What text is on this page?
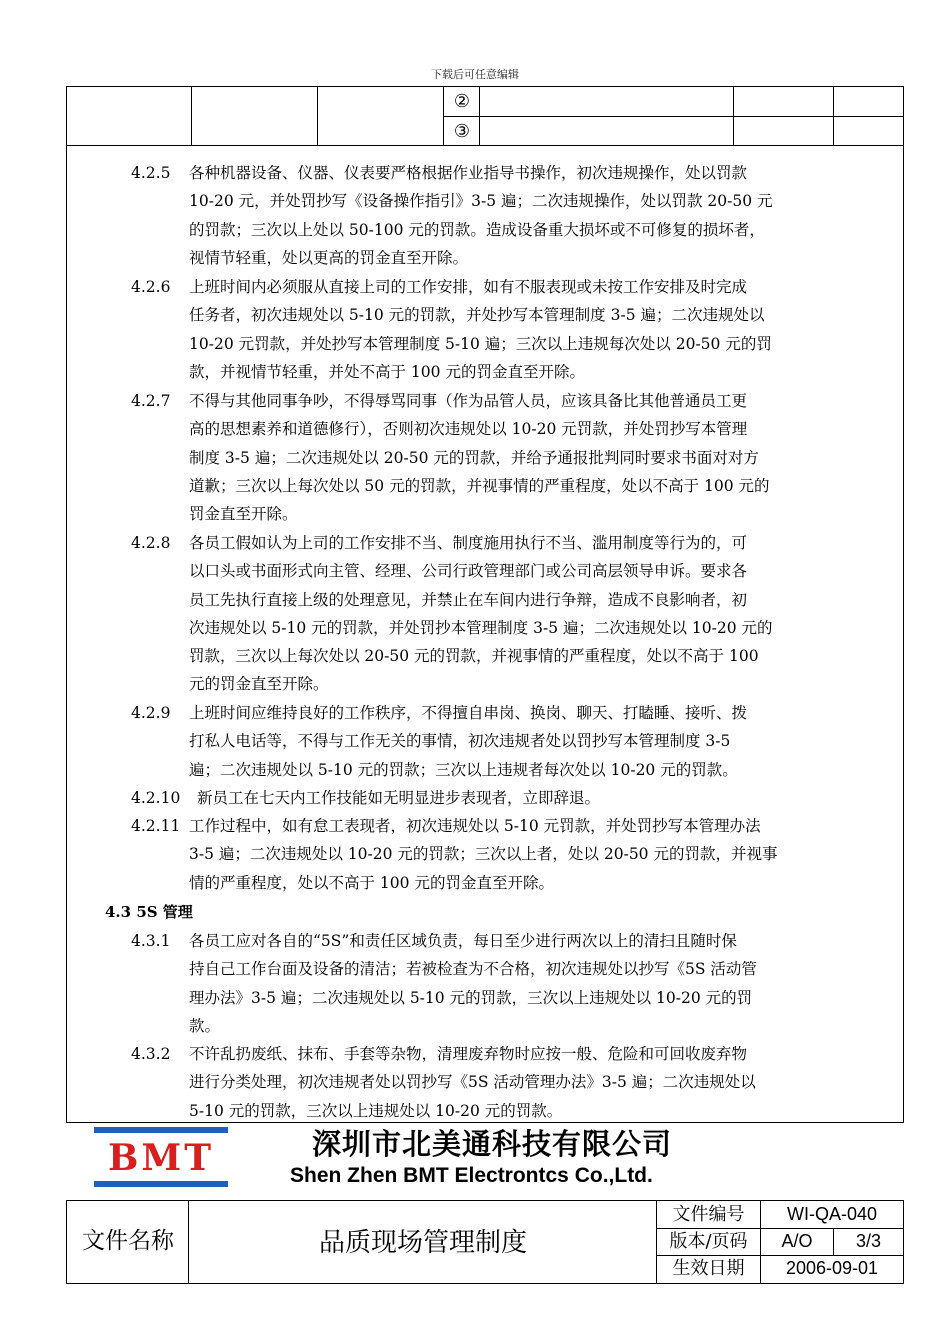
下载后可任意编辑
②
③
4.2.5 各种机器设备、仪器、仪表要严格根据作业指导书操作，初次违规操作，处以罚款
10-20 元，并处罚抄写《设备操作指引》3-5 遍；二次违规操作，处以罚款 20-50 元
的罚款；三次以上处以 50-100 元的罚款。造成设备重大损坏或不可修复的损坏者，
视情节轻重，处以更高的罚金直至开除。
4.2.6 上班时间内必须服从直接上司的工作安排，如有不服表现或未按工作安排及时完成
任务者，初次违规处以 5-10 元的罚款，并处抄写本管理制度 3-5 遍；二次违规处以
10-20 元罚款，并处抄写本管理制度 5-10 遍；三次以上违规每次处以 20-50 元的罚
款，并视情节轻重，并处不高于 100 元的罚金直至开除。
4.2.7 不得与其他同事争吵，不得辱骂同事（作为品管人员，应该具备比其他普通员工更
高的思想素养和道德修行），否则初次违规处以 10-20 元罚款，并处罚抄写本管理
制度 3-5 遍；二次违规处以 20-50 元的罚款，并给予通报批判同时要求书面对对方
道歉；三次以上每次处以 50 元的罚款，并视事情的严重程度，处以不高于 100 元的
罚金直至开除。
4.2.8 各员工假如认为上司的工作安排不当、制度施用执行不当、滥用制度等行为的，可
以口头或书面形式向主管、经理、公司行政管理部门或公司高层领导申诉。要求各
员工先执行直接上级的处理意见，并禁止在车间内进行争辩，造成不良影响者，初
次违规处以 5-10 元的罚款，并处罚抄本管理制度 3-5 遍；二次违规处以 10-20 元的
罚款，三次以上每次处以 20-50 元的罚款，并视事情的严重程度，处以不高于 100
元的罚金直至开除。
4.2.9 上班时间应维持良好的工作秩序，不得擅自串岗、换岗、聊天、打瞌睡、接听、拨
打私人电话等，不得与工作无关的事情，初次违规者处以罚抄写本管理制度 3-5
遍；二次违规处以 5-10 元的罚款；三次以上违规者每次处以 10-20 元的罚款。
4.2.10 新员工在七天内工作技能如无明显进步表现者，立即辞退。
4.2.11 工作过程中，如有怠工表现者，初次违规处以 5-10 元罚款，并处罚抄写本管理办法
3-5 遍；二次违规处以 10-20 元的罚款；三次以上者，处以 20-50 元的罚款，并视事
情的严重程度，处以不高于 100 元的罚金直至开除。
4.3 5S 管理
4.3.1 各员工应对各自的“5S”和责任区域负责，每日至少进行两次以上的清扫且随时保
持自己工作台面及设备的清洁；若被检查为不合格，初次违规处以抄写《5S 活动管
理办法》3-5 遍；二次违规处以 5-10 元的罚款，三次以上违规处以 10-20 元的罚
款。
4.3.2 不许乱扔废纸、抹布、手套等杂物，清理废弃物时应按一般、危险和可回收废弃物
进行分类处理，初次违规者处以罚抄写《5S 活动管理办法》3-5 遍；二次违规处以
5-10 元的罚款，三次以上违规处以 10-20 元的罚款。
BMT	深圳市北美通科技有限公司
Shen Zhen BMT Electrontcs Co.,Ltd.
文件名称	品质现场管理制度
文件编号	WI-QA-040
版本/页码	A/O	3/3
生效日期	2006-09-01
